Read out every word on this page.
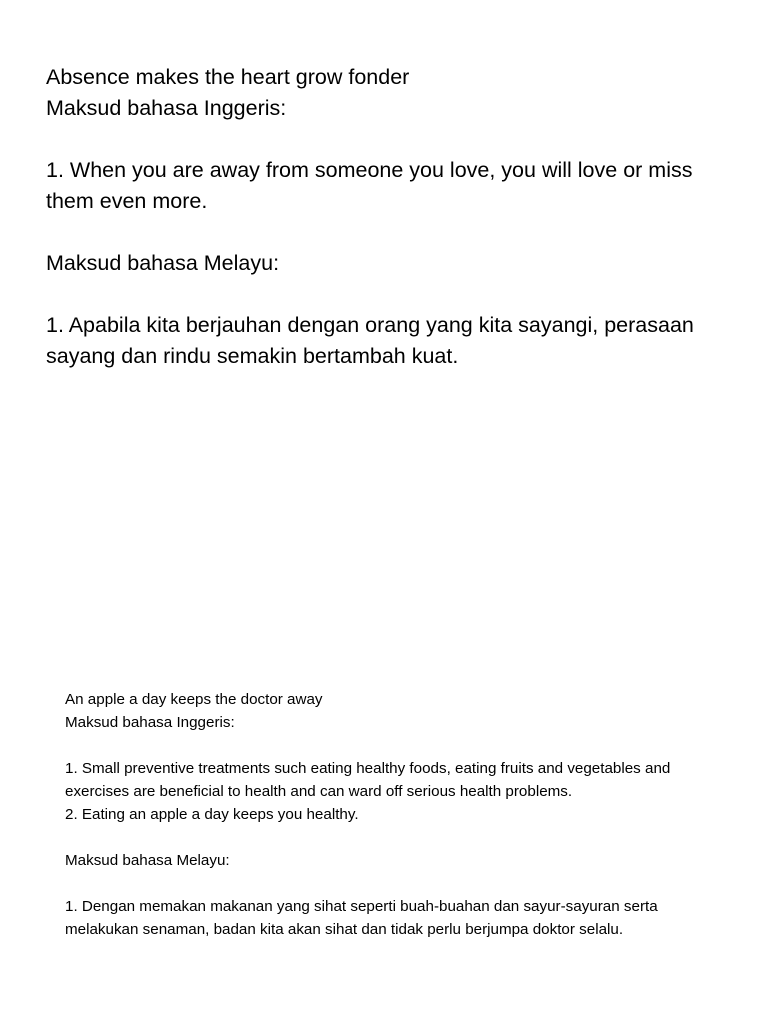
Absence makes the heart grow fonder
Maksud bahasa Inggeris:
1. When you are away from someone you love, you will love or miss them even more.
Maksud bahasa Melayu:
1. Apabila kita berjauhan dengan orang yang kita sayangi, perasaan sayang dan rindu semakin bertambah kuat.
An apple a day keeps the doctor away
Maksud bahasa Inggeris:
1. Small preventive treatments such eating healthy foods, eating fruits and vegetables and exercises are beneficial to health and can ward off serious health problems.
2. Eating an apple a day keeps you healthy.
Maksud bahasa Melayu:
1. Dengan memakan makanan yang sihat seperti buah-buahan dan sayur-sayuran serta melakukan senaman, badan kita akan sihat dan tidak perlu berjumpa doktor selalu.
